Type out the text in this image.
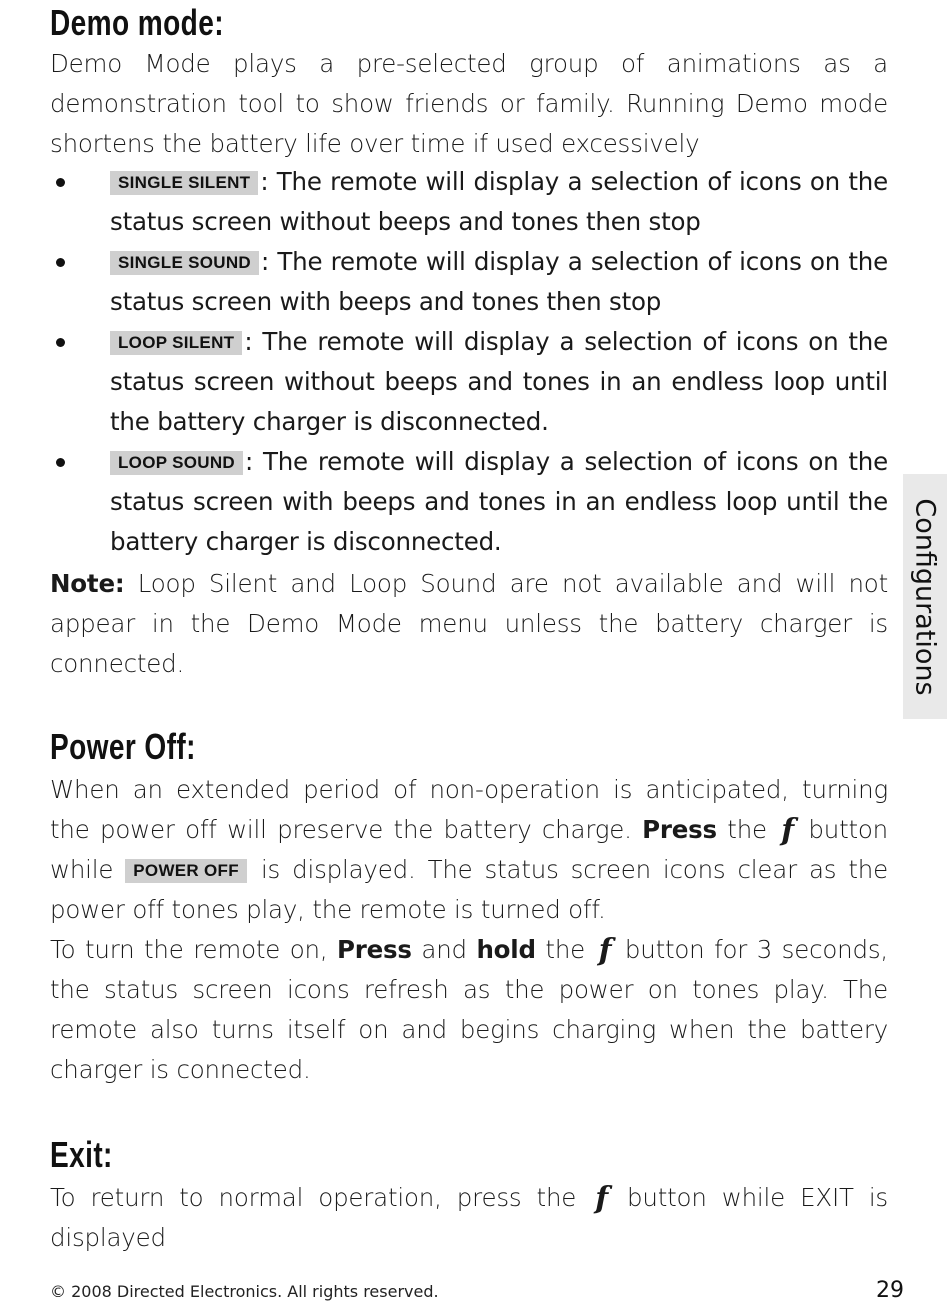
Demo mode:

Demo Mode plays a pre-selected group of animations as a demonstration tool to show friends or family. Running Demo mode shortens the battery life over time if used excessively

SINGLE SILENT : The remote will display a selection of icons on the status screen without beeps and tones then stop
SINGLE SOUND : The remote will display a selection of icons on the status screen with beeps and tones then stop
LOOP SILENT : The remote will display a selection of icons on the status screen without beeps and tones in an endless loop until the battery charger is disconnected.
LOOP SOUND : The remote will display a selection of icons on the status screen with beeps and tones in an endless loop until the battery charger is disconnected.

Note: Loop Silent and Loop Sound are not available and will not appear in the Demo Mode menu unless the battery charger is connected.

Power Off:

When an extended period of non-operation is anticipated, turning the power off will preserve the battery charge. Press the f button while POWER OFF is displayed. The status screen icons clear as the power off tones play, the remote is turned off.

To turn the remote on, Press and hold the f button for 3 seconds, the status screen icons refresh as the power on tones play. The remote also turns itself on and begins charging when the battery charger is connected.

Exit:

To return to normal operation, press the f button while EXIT is displayed

Configurations
© 2008 Directed Electronics. All rights reserved.	29
